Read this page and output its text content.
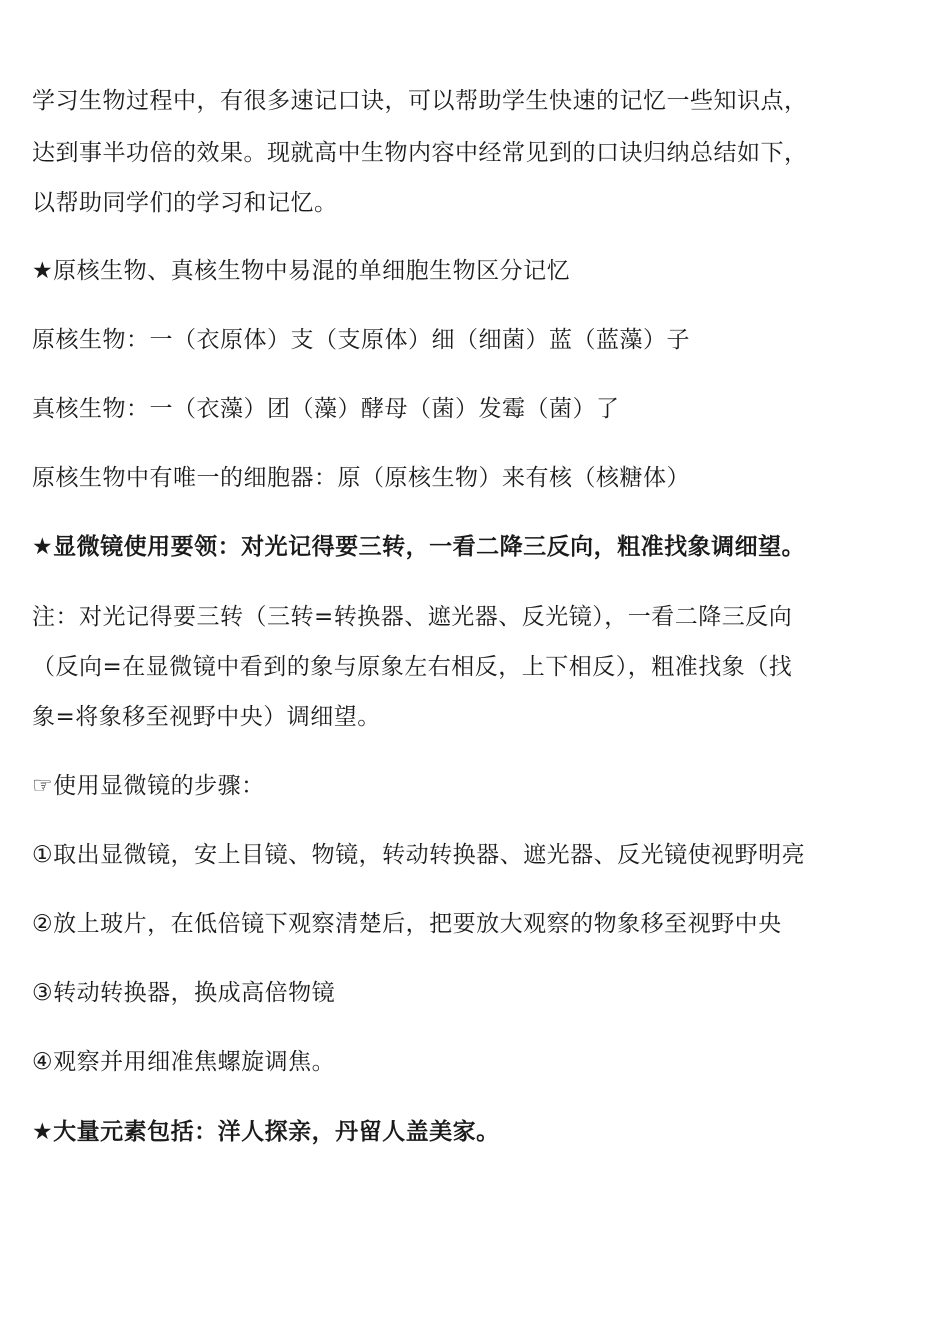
学习生物过程中，有很多速记口诀，可以帮助学生快速的记忆一些知识点，
达到事半功倍的效果。现就高中生物内容中经常见到的口诀归纳总结如下，
以帮助同学们的学习和记忆。
★原核生物、真核生物中易混的单细胞生物区分记忆
原核生物：一（衣原体）支（支原体）细（细菌）蓝（蓝藻）子
真核生物：一（衣藻）团（藻）酵母（菌）发霉（菌）了
原核生物中有唯一的细胞器：原（原核生物）来有核（核糖体）
★显微镜使用要领：对光记得要三转，一看二降三反向，粗准找象调细望。
注：对光记得要三转（三转=转换器、遮光器、反光镜），一看二降三反向
（反向=在显微镜中看到的象与原象左右相反，上下相反），粗准找象（找
象=将象移至视野中央）调细望。
☞使用显微镜的步骤：
①取出显微镜，安上目镜、物镜，转动转换器、遮光器、反光镜使视野明亮
②放上玻片，在低倍镜下观察清楚后，把要放大观察的物象移至视野中央
③转动转换器，换成高倍物镜
④观察并用细准焦螺旋调焦。
★大量元素包括：洋人探亲，丹留人盖美家。
